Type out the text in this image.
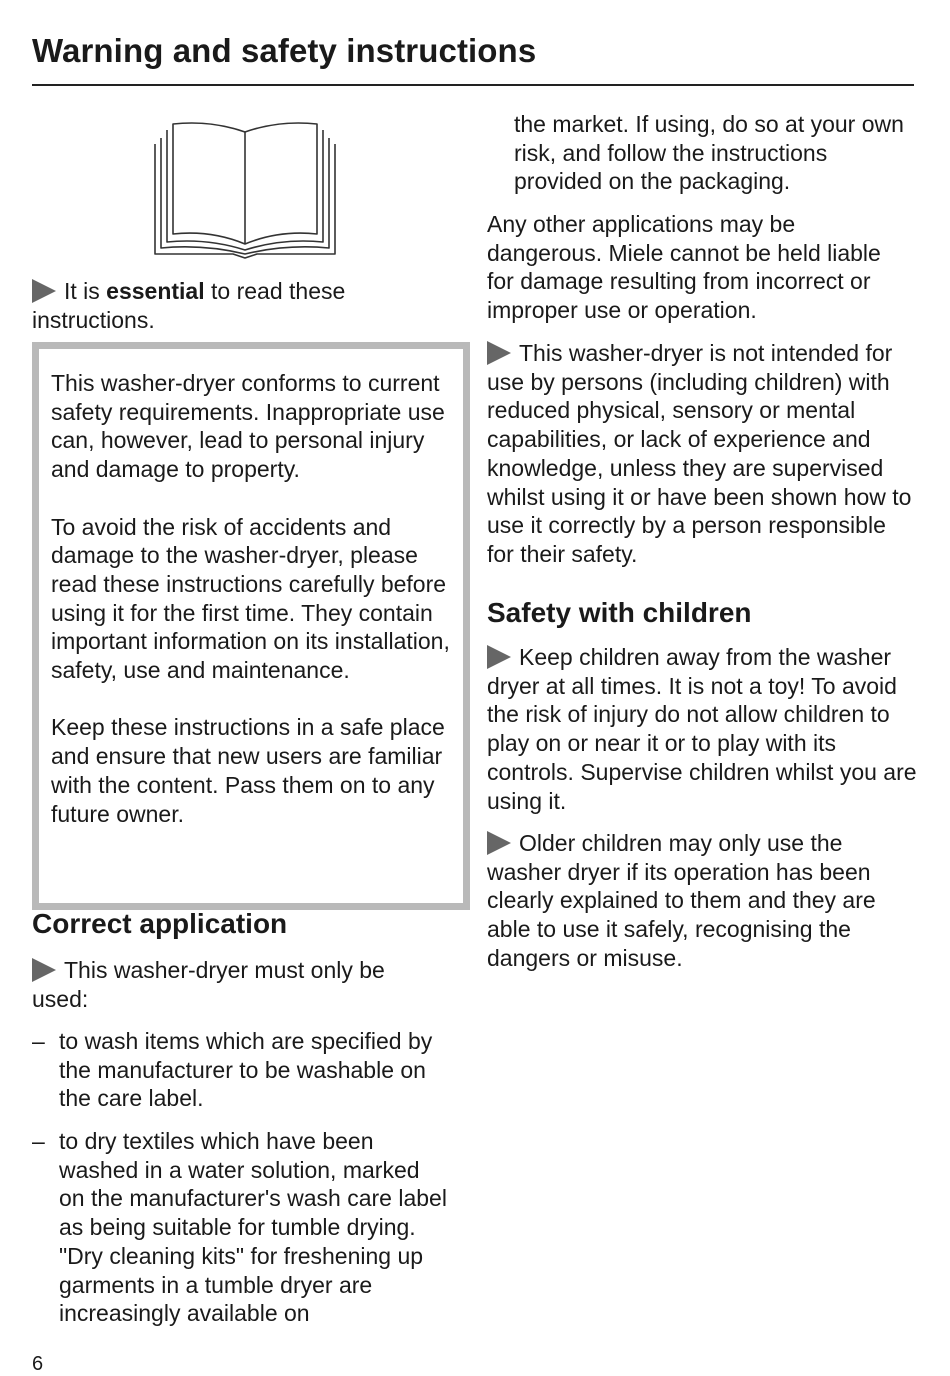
Warning and safety instructions

It is essential to read these instructions.

This washer-dryer conforms to current safety requirements. Inappropriate use can, however, lead to personal injury and damage to property.

To avoid the risk of accidents and damage to the washer-dryer, please read these instructions carefully before using it for the first time. They contain important information on its installation, safety, use and maintenance.

Keep these instructions in a safe place and ensure that new users are familiar with the content. Pass them on to any future owner.

Correct application

This washer-dryer must only be used:

– to wash items which are specified by the manufacturer to be washable on the care label.
– to dry textiles which have been washed in a water solution, marked on the manufacturer's wash care label as being suitable for tumble drying. "Dry cleaning kits" for freshening up garments in a tumble dryer are increasingly available on

the market. If using, do so at your own risk, and follow the instructions provided on the packaging.

Any other applications may be dangerous. Miele cannot be held liable for damage resulting from incorrect or improper use or operation.

This washer-dryer is not intended for use by persons (including children) with reduced physical, sensory or mental capabilities, or lack of experience and knowledge, unless they are supervised whilst using it or have been shown how to use it correctly by a person responsible for their safety.

Safety with children

Keep children away from the washer dryer at all times. It is not a toy! To avoid the risk of injury do not allow children to play on or near it or to play with its controls. Supervise children whilst you are using it.

Older children may only use the washer dryer if its operation has been clearly explained to them and they are able to use it safely, recognising the dangers or misuse.

6
